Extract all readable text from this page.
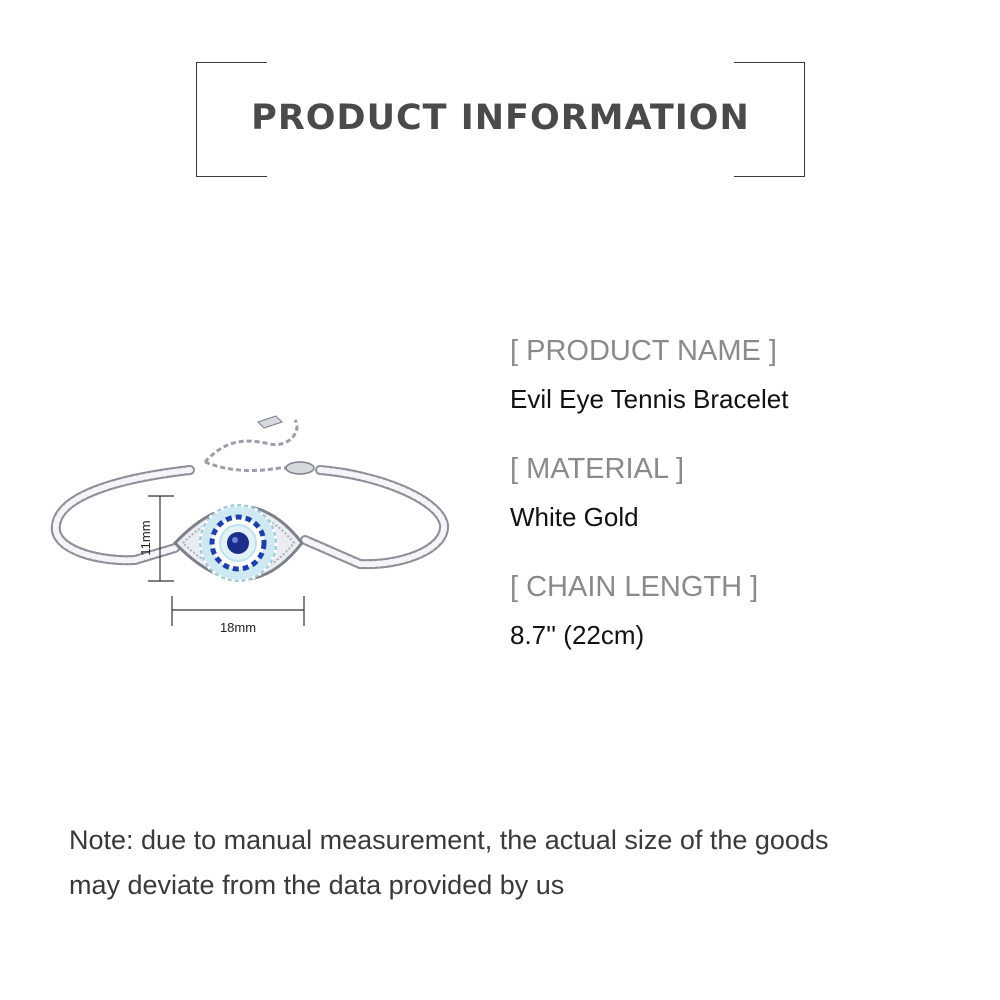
PRODUCT INFORMATION
11mm
18mm
[ PRODUCT NAME ]
Evil Eye Tennis Bracelet
[ MATERIAL ]
White Gold
[ CHAIN LENGTH ]
8.7'' (22cm)
Note: due to manual measurement, the actual size of the goods
may deviate from the data provided by us
